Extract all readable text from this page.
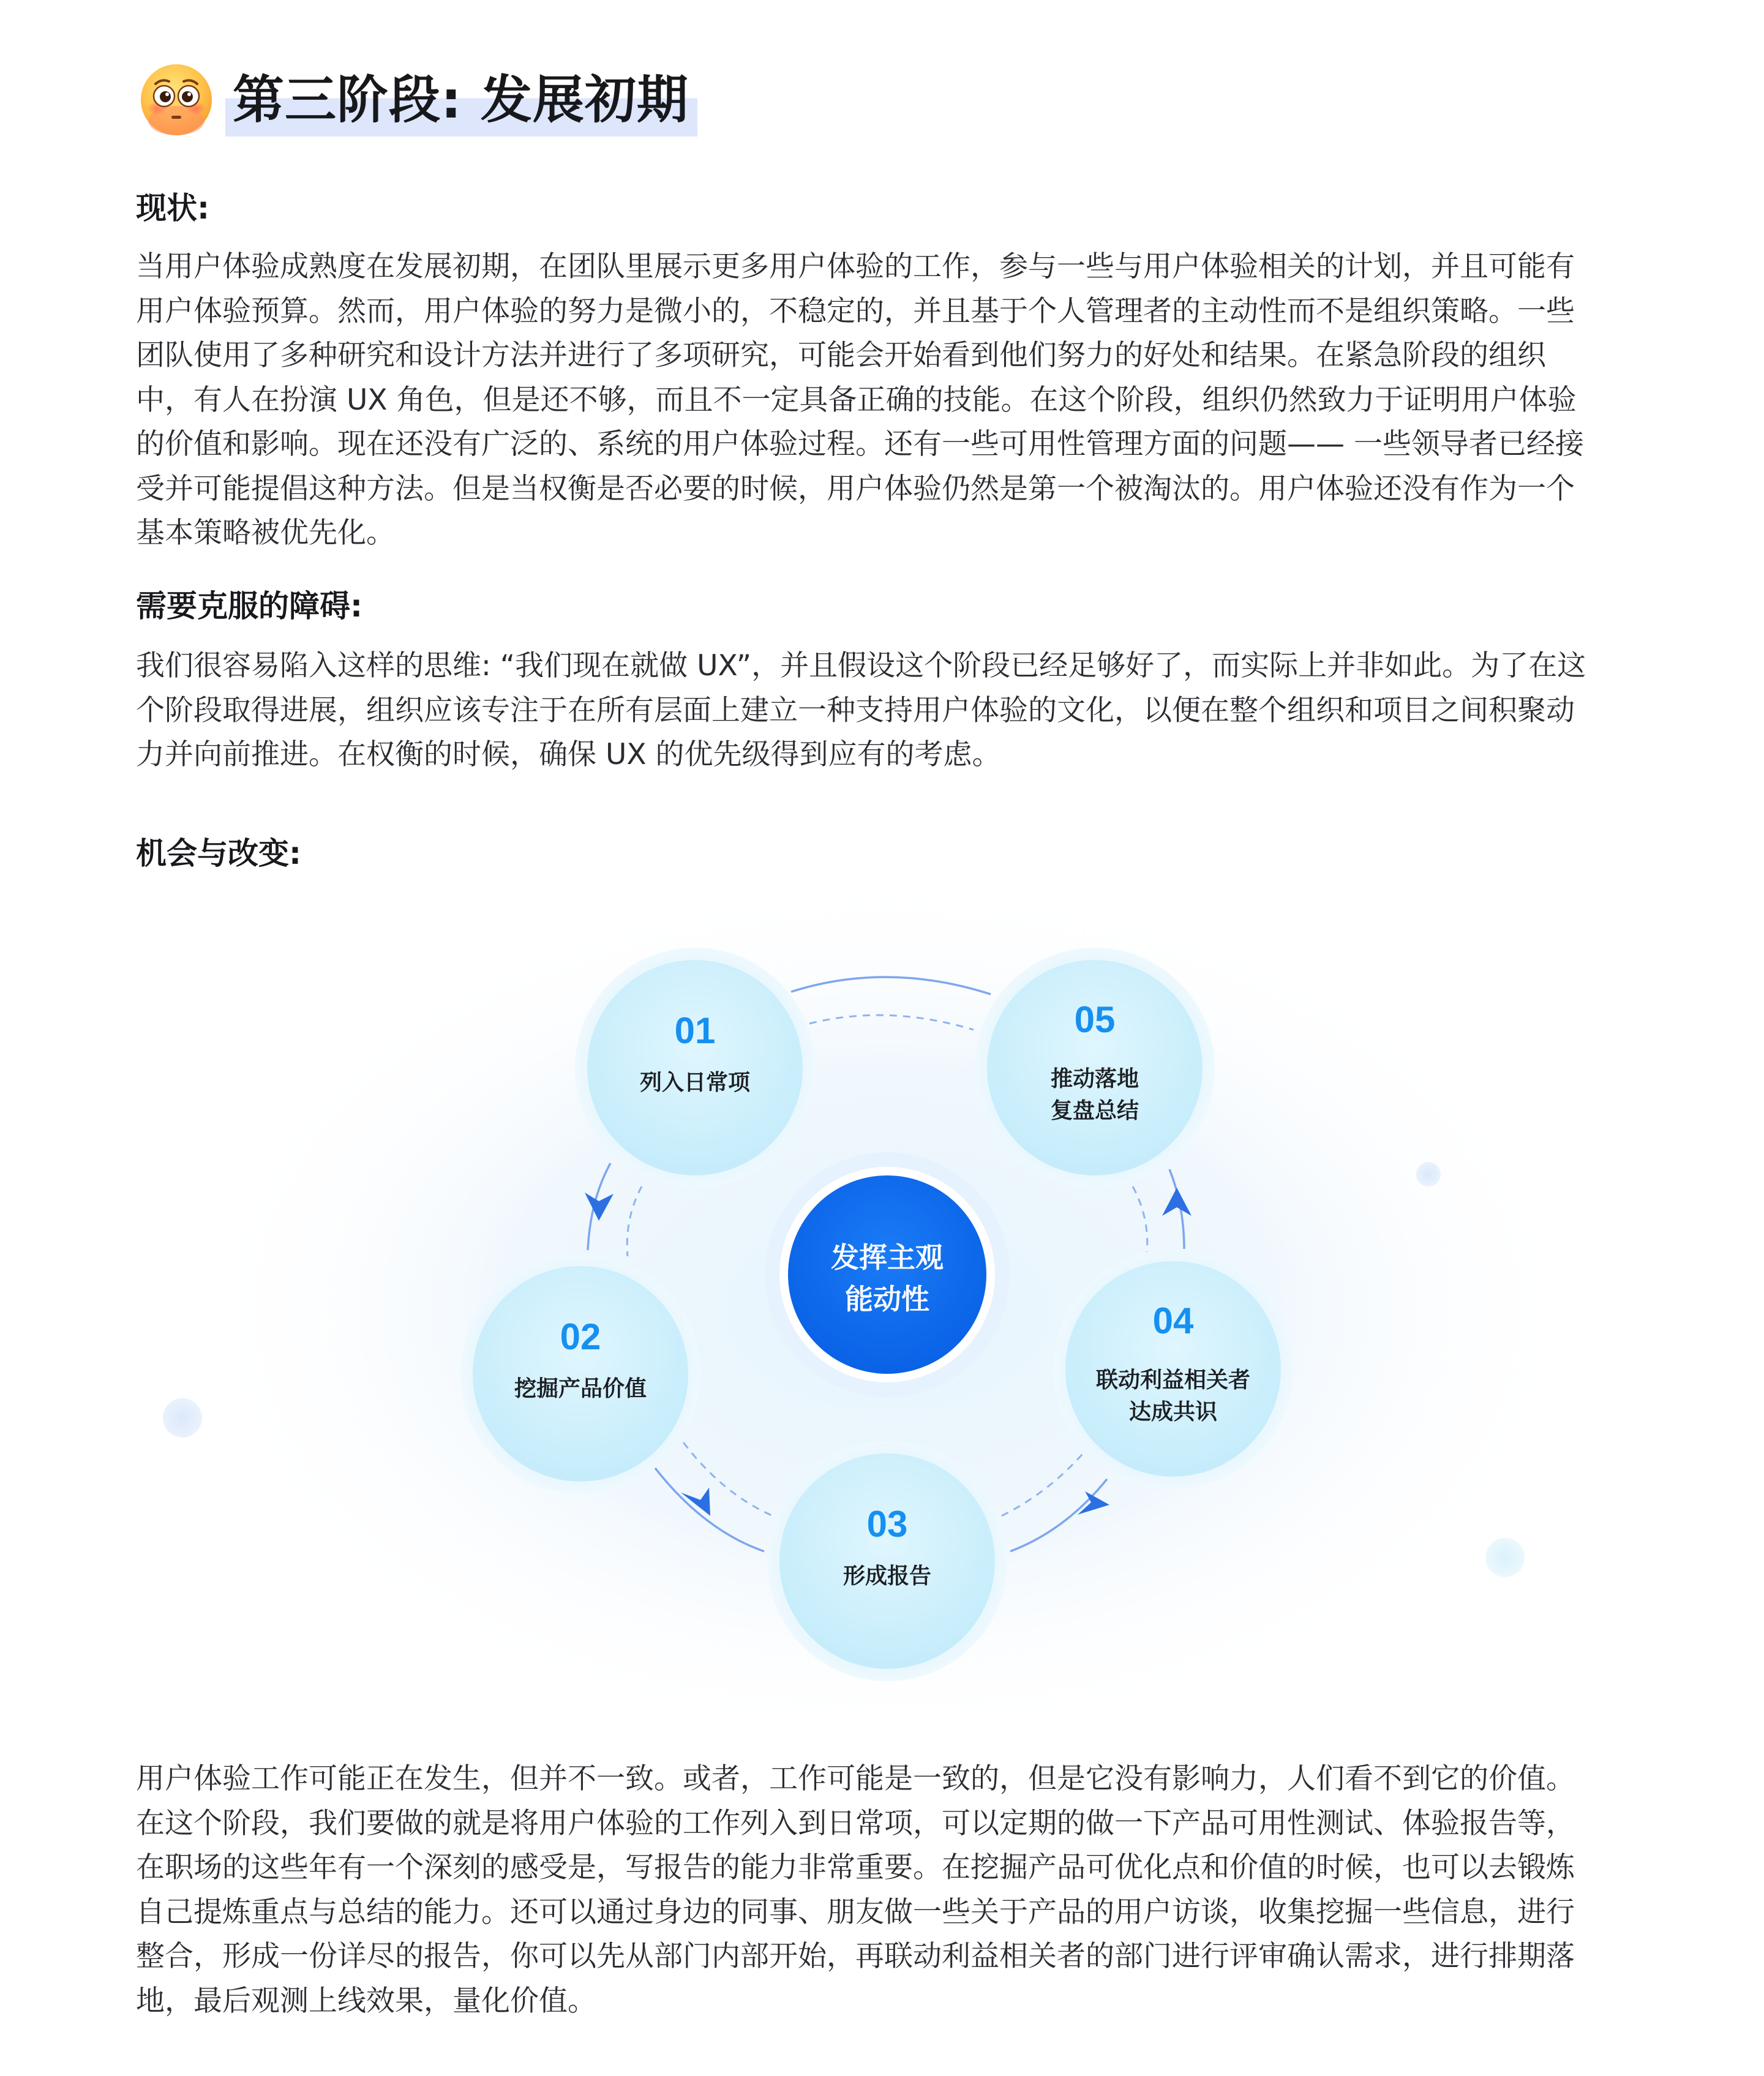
第三阶段: 发展初期
现状:

当用户体验成熟度在发展初期，在团队里展示更多用户体验的工作，参与一些与用户体验相关的计划，并且可能有用户体验预算。然而，用户体验的努力是微小的，不稳定的，并且基于个人管理者的主动性而不是组织策略。一些团队使用了多种研究和设计方法并进行了多项研究，可能会开始看到他们努力的好处和结果。在紧急阶段的组织中，有人在扮演 UX 角色，但是还不够，而且不一定具备正确的技能。在这个阶段，组织仍然致力于证明用户体验的价值和影响。现在还没有广泛的、系统的用户体验过程。还有一些可用性管理方面的问题—— 一些领导者已经接受并可能提倡这种方法。但是当权衡是否必要的时候，用户体验仍然是第一个被淘汰的。用户体验还没有作为一个基本策略被优先化。

需要克服的障碍:

我们很容易陷入这样的思维: “我们现在就做 UX”，并且假设这个阶段已经足够好了，而实际上并非如此。为了在这个阶段取得进展，组织应该专注于在所有层面上建立一种支持用户体验的文化，以便在整个组织和项目之间积聚动力并向前推进。在权衡的时候，确保 UX 的优先级得到应有的考虑。

机会与改变:
01
列入日常项
02
挖掘产品价值
03
形成报告
04
联动利益相关者
达成共识
05
推动落地
复盘总结
发挥主观
能动性

用户体验工作可能正在发生，但并不一致。或者，工作可能是一致的，但是它没有影响力，人们看不到它的价值。在这个阶段，我们要做的就是将用户体验的工作列入到日常项，可以定期的做一下产品可用性测试、体验报告等，在职场的这些年有一个深刻的感受是，写报告的能力非常重要。在挖掘产品可优化点和价值的时候，也可以去锻炼自己提炼重点与总结的能力。还可以通过身边的同事、朋友做一些关于产品的用户访谈，收集挖掘一些信息，进行整合，形成一份详尽的报告，你可以先从部门内部开始，再联动利益相关者的部门进行评审确认需求，进行排期落地，最后观测上线效果，量化价值。
